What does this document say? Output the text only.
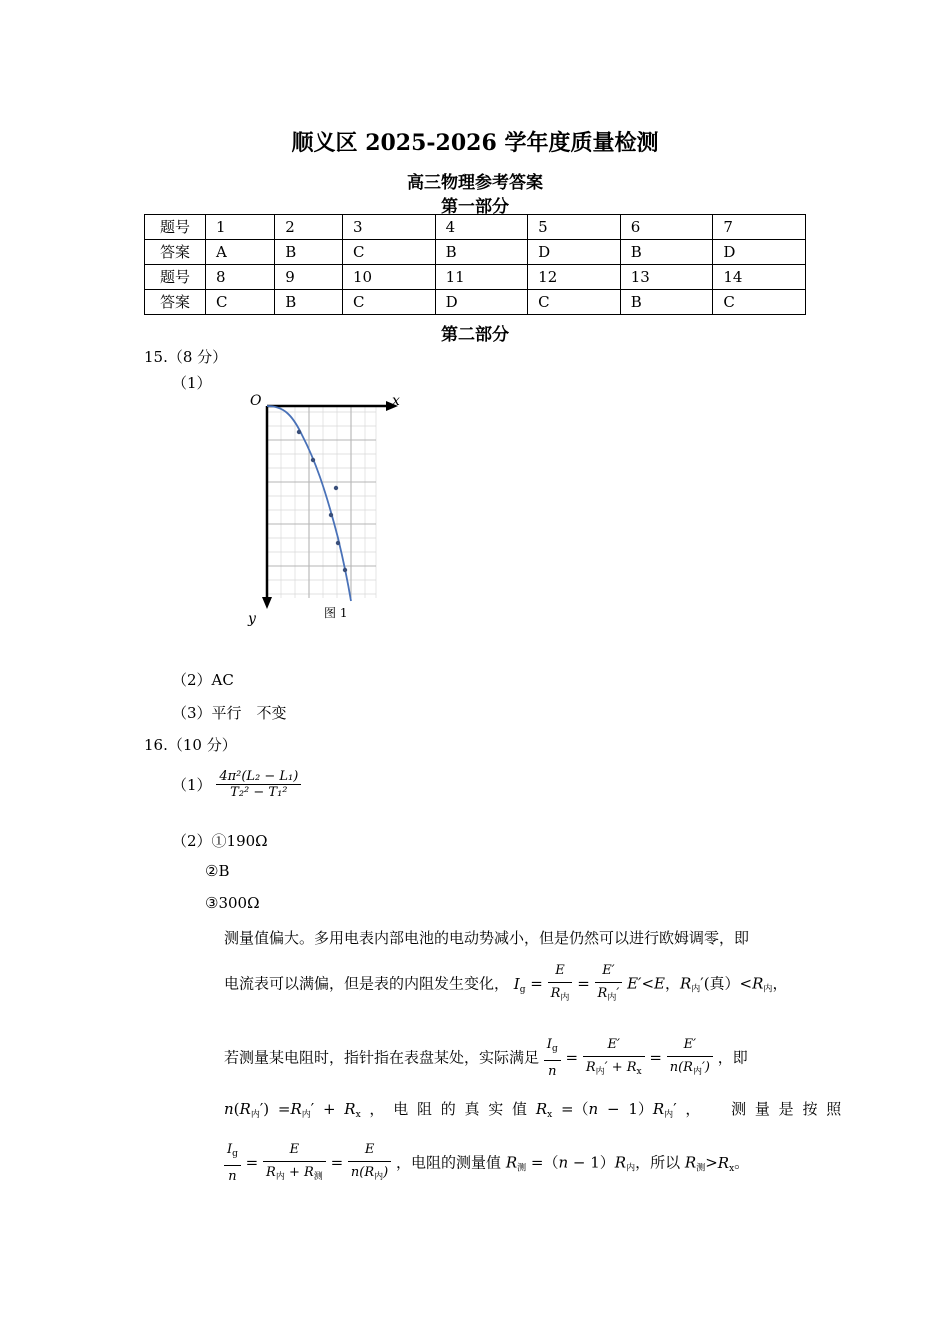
顺义区 2025-2026 学年度质量检测
高三物理参考答案
第一部分
题号	1	2	3	4	5	6	7
答案	A	B	C	B	D	B	D
题号	8	9	10	11	12	13	14
答案	C	B	C	D	C	B	C
第二部分
15.（8 分）
（1）
O	x
y	图 1
（2）AC
（3）平行　不变
16.（10 分）
$(1) \frac{\text{4π²(L₂ − L₁)}}{\text{T₂² − T₁²}}$
（2）①190Ω
②B
③300Ω
测量值偏大。多用电表内部电池的电动势减小，但是仍然可以进行欧姆调零，即
电流表可以满偏，但是表的内阻发生变化， $I_g = \frac{E}{R_内} = \frac{E'}{R_内'} E'<E$，$R_内'$(真）$<R_内$，
若测量某电阻时，指针指在表盘某处，实际满足 $\frac{I_g}{n} = \frac{E'}{R_内' + R_x} = \frac{E'}{n(R_内')}$ ，即
$n(R_内') =R_内' + R_x$ ， 电 阻 的 真 实 值 $R_x =(n - 1)R_内'$ ， 测 量 是 按 照
$\frac{I_g}{n} = \frac{E}{R_内 + R_测} = \frac{E}{n(R_内)}$ ，电阻的测量值 $R_测 =(n - 1)R_内$，所以 $R_测>R_x$。
